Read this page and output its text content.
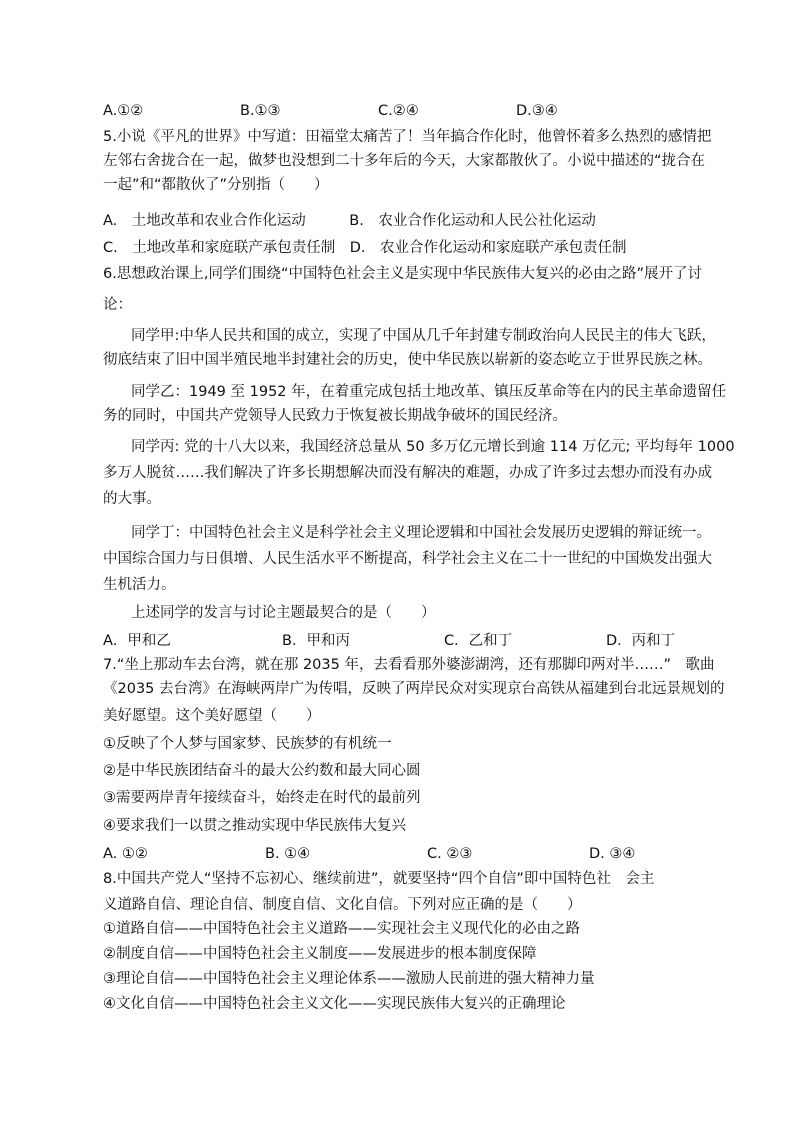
A.①②	B.①③	C.②④	D.③④
5.小说《平凡的世界》中写道：田福堂太痛苦了！当年搞合作化时，他曾怀着多么热烈的感情把
左邻右舍拢合在一起，做梦也没想到二十多年后的今天，大家都散伙了。小说中描述的“拢合在
一起”和“都散伙了”分别指（　　）
A.　土地改革和农业合作化运动　　　B.　农业合作化运动和人民公社化运动
C.　土地改革和家庭联产承包责任制　D.　农业合作化运动和家庭联产承包责任制
6.思想政治课上,同学们围绕“中国特色社会主义是实现中华民族伟大复兴的必由之路”展开了讨
论：
同学甲:中华人民共和国的成立，实现了中国从几千年封建专制政治向人民民主的伟大飞跃，
彻底结束了旧中国半殖民地半封建社会的历史，使中华民族以崭新的姿态屹立于世界民族之林。
同学乙：1949 至 1952 年，在着重完成包括土地改革、镇压反革命等在内的民主革命遗留任
务的同时，中国共产党领导人民致力于恢复被长期战争破坏的国民经济。
同学丙: 党的十八大以来，我国经济总量从 50 多万亿元增长到逾 114 万亿元; 平均每年 1000
多万人脱贫……我们解决了许多长期想解决而没有解决的难题，办成了许多过去想办而没有办成
的大事。
同学丁：中国特色社会主义是科学社会主义理论逻辑和中国社会发展历史逻辑的辩证统一。
中国综合国力与日俱增、人民生活水平不断提高，科学社会主义在二十一世纪的中国焕发出强大
生机活力。
上述同学的发言与讨论主题最契合的是（　　）
A．甲和乙	B．甲和丙	C．乙和丁	D．丙和丁
7.“坐上那动车去台湾，就在那 2035 年，去看看那外婆澎湖湾，还有那脚印两对半……”　歌曲
《2035 去台湾》在海峡两岸广为传唱，反映了两岸民众对实现京台高铁从福建到台北远景规划的
美好愿望。这个美好愿望（　　）
①反映了个人梦与国家梦、民族梦的有机统一
②是中华民族团结奋斗的最大公约数和最大同心圆
③需要两岸青年接续奋斗，始终走在时代的最前列
④要求我们一以贯之推动实现中华民族伟大复兴
A. ①②	B. ①④	C. ②③	D. ③④
8.中国共产党人“坚持不忘初心、继续前进”，就要坚持“四个自信”即中国特色社　会主
义道路自信、理论自信、制度自信、文化自信。下列对应正确的是（　　）
①道路自信——中国特色社会主义道路——实现社会主义现代化的必由之路
②制度自信——中国特色社会主义制度——发展进步的根本制度保障
③理论自信——中国特色社会主义理论体系——激励人民前进的强大精神力量
④文化自信——中国特色社会主义文化——实现民族伟大复兴的正确理论
